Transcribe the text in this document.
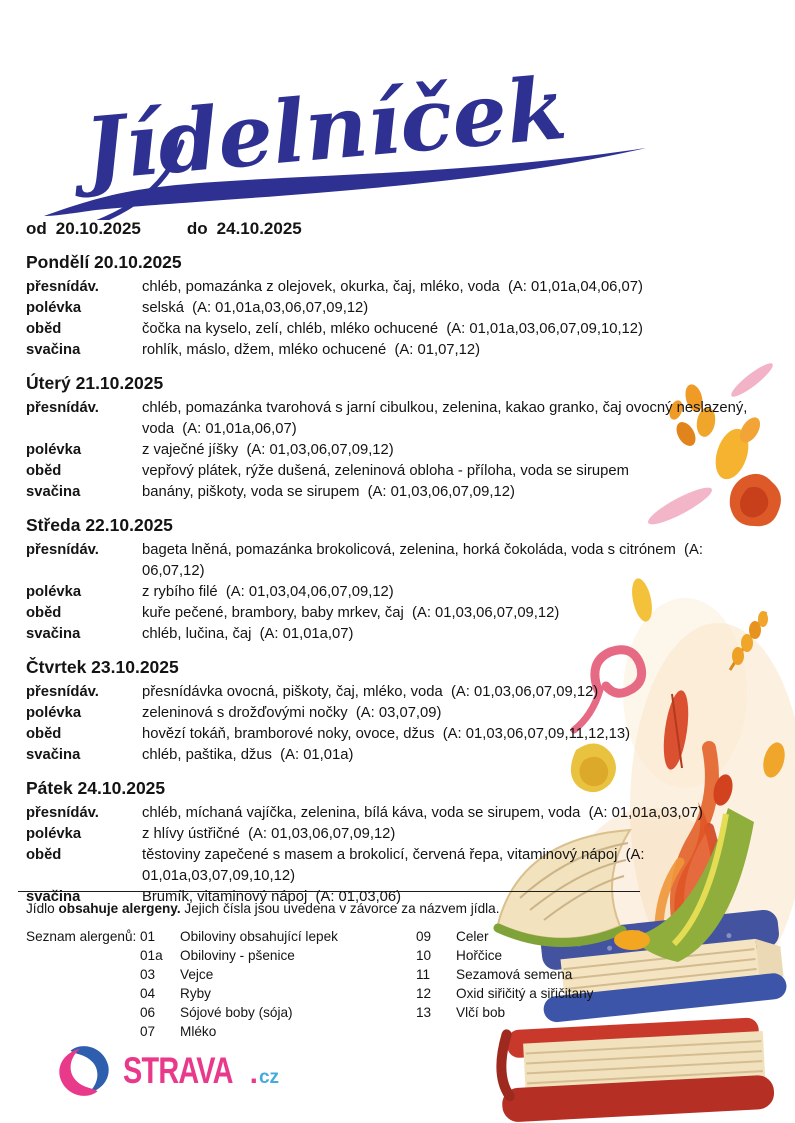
Jídelníček
od 20.10.2025	do 24.10.2025
Pondělí 20.10.2025
přesnídáv.	chléb, pomazánka z olejovek, okurka, čaj, mléko, voda  (A: 01,01a,04,06,07)
polévka	selská  (A: 01,01a,03,06,07,09,12)
oběd	čočka na kyselo, zelí, chléb, mléko ochucené  (A: 01,01a,03,06,07,09,10,12)
svačina	rohlík, máslo, džem, mléko ochucené  (A: 01,07,12)
Úterý 21.10.2025
přesnídáv.	chléb, pomazánka tvarohová s jarní cibulkou, zelenina, kakao granko, čaj ovocný neslazený, voda  (A: 01,01a,06,07)
polévka	z vaječné jíšky  (A: 01,03,06,07,09,12)
oběd	vepřový plátek, rýže dušená, zeleninová obloha - příloha, voda se sirupem
svačina	banány, piškoty, voda se sirupem  (A: 01,03,06,07,09,12)
Středa 22.10.2025
přesnídáv.	bageta lněná, pomazánka brokolicová, zelenina, horká čokoláda, voda s citrónem  (A: 06,07,12)
polévka	z rybího filé  (A: 01,03,04,06,07,09,12)
oběd	kuře pečené, brambory, baby mrkev, čaj  (A: 01,03,06,07,09,12)
svačina	chléb, lučina, čaj  (A: 01,01a,07)
Čtvrtek 23.10.2025
přesnídáv.	přesnídávka ovocná, piškoty, čaj, mléko, voda  (A: 01,03,06,07,09,12)
polévka	zeleninová s drožďovými nočky  (A: 03,07,09)
oběd	hovězí tokáň, bramborové noky, ovoce, džus  (A: 01,03,06,07,09,11,12,13)
svačina	chléb, paštika, džus  (A: 01,01a)
Pátek 24.10.2025
přesnídáv.	chléb, míchaná vajíčka, zelenina, bílá káva, voda se sirupem, voda  (A: 01,01a,03,07)
polévka	z hlívy ústřičné  (A: 01,03,06,07,09,12)
oběd	těstoviny zapečené s masem a brokolicí, červená řepa, vitaminový nápoj  (A: 01,01a,03,07,09,10,12)
svačina	Brumík, vitaminový nápoj  (A: 01,03,06)
Jídlo obsahuje alergeny. Jejich čísla jsou uvedena v závorce za názvem jídla.
Seznam alergenů: 01	Obiloviny obsahující lepek
01a	Obiloviny - pšenice
03	Vejce
04	Ryby
06	Sójové boby (sója)
07	Mléko
09	Celer
10	Hořčice
11	Sezamová semena
12	Oxid siřičitý a siřičitany
13	Vlčí bob
STRAVA . cz
